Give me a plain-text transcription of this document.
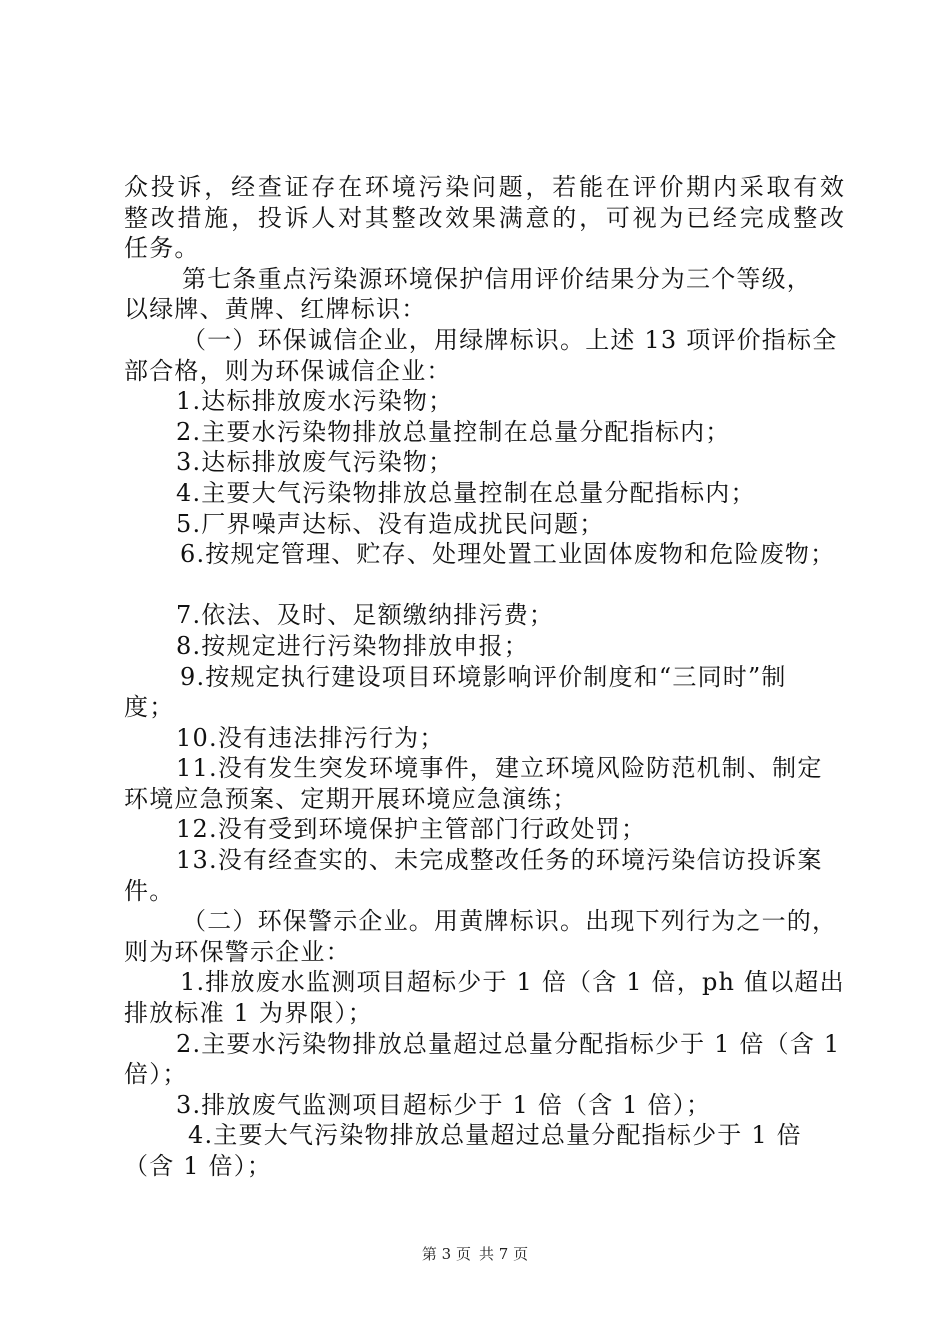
众投诉，经查证存在环境污染问题，若能在评价期内采取有效
整改措施，投诉人对其整改效果满意的，可视为已经完成整改
任务。
第七条重点污染源环境保护信用评价结果分为三个等级，
以绿牌、黄牌、红牌标识：
（一）环保诚信企业，用绿牌标识。上述 13 项评价指标全
部合格，则为环保诚信企业：
1.达标排放废水污染物；
2.主要水污染物排放总量控制在总量分配指标内；
3.达标排放废气污染物；
4.主要大气污染物排放总量控制在总量分配指标内；
5.厂界噪声达标、没有造成扰民问题；
6.按规定管理、贮存、处理处置工业固体废物和危险废物；
7.依法、及时、足额缴纳排污费；
8.按规定进行污染物排放申报；
9.按规定执行建设项目环境影响评价制度和“三同时”制
度；
10.没有违法排污行为；
11.没有发生突发环境事件，建立环境风险防范机制、制定
环境应急预案、定期开展环境应急演练；
12.没有受到环境保护主管部门行政处罚；
13.没有经查实的、未完成整改任务的环境污染信访投诉案
件。
（二）环保警示企业。用黄牌标识。出现下列行为之一的，
则为环保警示企业：
1.排放废水监测项目超标少于 1 倍（含 1 倍，ph 值以超出
排放标准 1 为界限）；
2.主要水污染物排放总量超过总量分配指标少于 1 倍（含 1
倍）；
3.排放废气监测项目超标少于 1 倍（含 1 倍）；
4.主要大气污染物排放总量超过总量分配指标少于 1 倍
（含 1 倍）；
第 3 页 共 7 页
